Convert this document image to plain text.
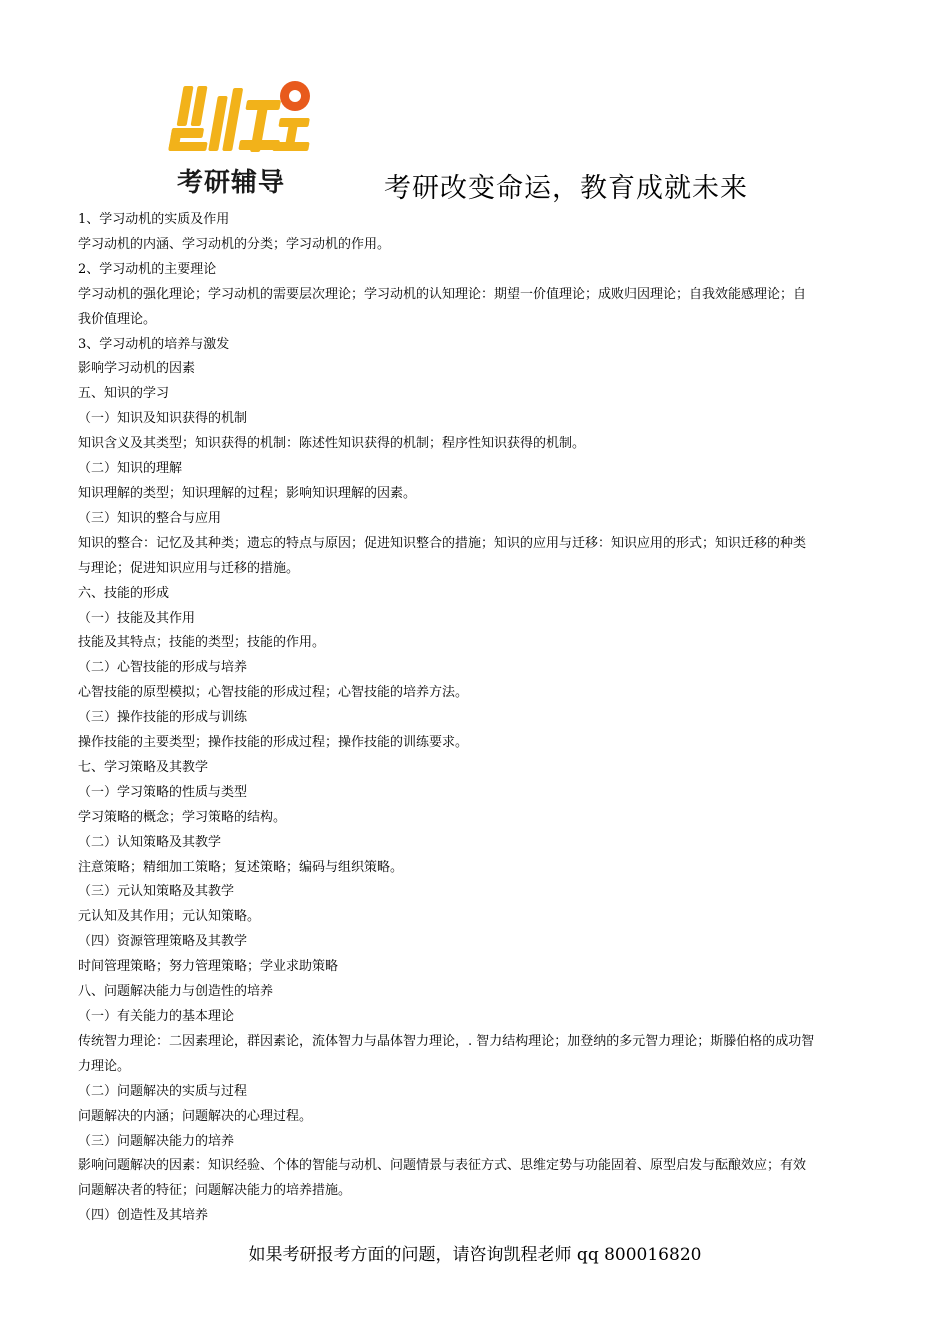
考研辅导	考研改变命运，教育成就未来
1、学习动机的实质及作用
学习动机的内涵、学习动机的分类；学习动机的作用。
2、学习动机的主要理论
学习动机的强化理论；学习动机的需要层次理论；学习动机的认知理论：期望一价值理论；成败归因理论；自我效能感理论；自
我价值理论。
3、学习动机的培养与激发
影响学习动机的因素
五、知识的学习
（一）知识及知识获得的机制
知识含义及其类型；知识获得的机制：陈述性知识获得的机制；程序性知识获得的机制。
（二）知识的理解
知识理解的类型；知识理解的过程；影响知识理解的因素。
（三）知识的整合与应用
知识的整合：记忆及其种类；遗忘的特点与原因；促进知识整合的措施；知识的应用与迁移：知识应用的形式；知识迁移的种类
与理论；促进知识应用与迁移的措施。
六、技能的形成
（一）技能及其作用
技能及其特点；技能的类型；技能的作用。
（二）心智技能的形成与培养
心智技能的原型模拟；心智技能的形成过程；心智技能的培养方法。
（三）操作技能的形成与训练
操作技能的主要类型；操作技能的形成过程；操作技能的训练要求。
七、学习策略及其教学
（一）学习策略的性质与类型
学习策略的概念；学习策略的结构。
（二）认知策略及其教学
注意策略；精细加工策略；复述策略；编码与组织策略。
（三）元认知策略及其教学
元认知及其作用；元认知策略。
（四）资源管理策略及其教学
时间管理策略；努力管理策略；学业求助策略
八、问题解决能力与创造性的培养
（一）有关能力的基本理论
传统智力理论：二因素理论，群因素论，流体智力与晶体智力理论，. 智力结构理论；加登纳的多元智力理论；斯滕伯格的成功智
力理论。
（二）问题解决的实质与过程
问题解决的内涵；问题解决的心理过程。
（三）问题解决能力的培养
影响问题解决的因素：知识经验、个体的智能与动机、问题情景与表征方式、思维定势与功能固着、原型启发与酝酿效应；有效
问题解决者的特征；问题解决能力的培养措施。
（四）创造性及其培养
如果考研报考方面的问题，请咨询凯程老师 qq 800016820
